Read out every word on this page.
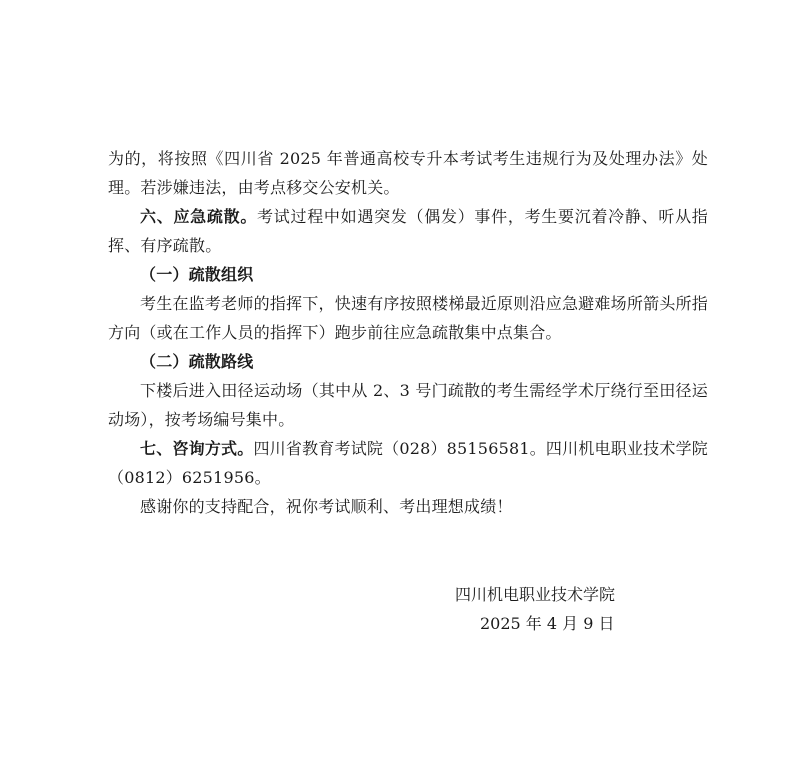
为的，将按照《四川省 2025 年普通高校专升本考试考生违规行为及处理办法》处理。若涉嫌违法，由考点移交公安机关。

六、应急疏散。考试过程中如遇突发（偶发）事件，考生要沉着冷静、听从指挥、有序疏散。

（一）疏散组织

考生在监考老师的指挥下，快速有序按照楼梯最近原则沿应急避难场所箭头所指方向（或在工作人员的指挥下）跑步前往应急疏散集中点集合。

（二）疏散路线

下楼后进入田径运动场（其中从 2、3 号门疏散的考生需经学术厅绕行至田径运动场），按考场编号集中。

七、咨询方式。四川省教育考试院（028）85156581。四川机电职业技术学院（0812）6251956。

感谢你的支持配合，祝你考试顺利、考出理想成绩！

四川机电职业技术学院

2025 年 4 月 9 日
